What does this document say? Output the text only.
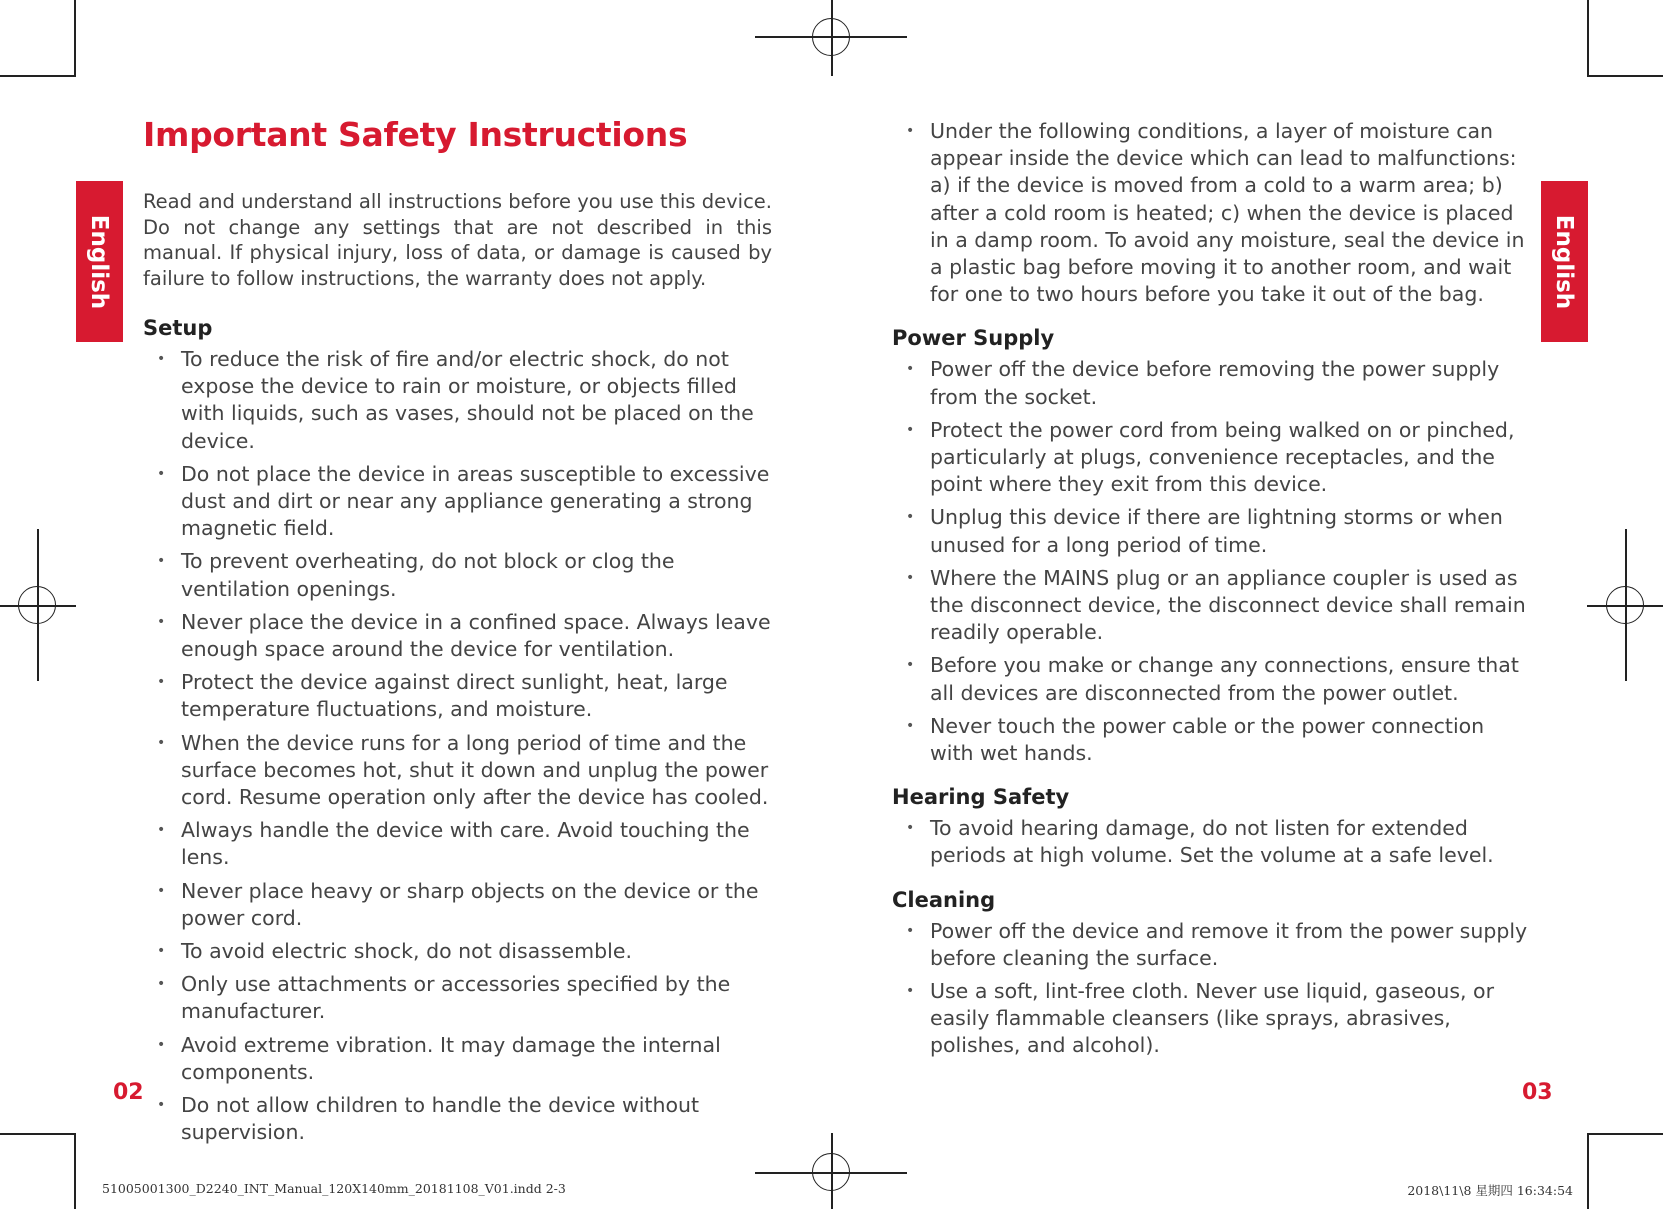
English	English
Important Safety Instructions

Read and understand all instructions before you use this device. Do not change any settings that are not described in this manual. If physical injury, loss of data, or damage is caused by failure to follow instructions, the warranty does not apply.

Setup
• To reduce the risk of fire and/or electric shock, do not expose the device to rain or moisture, or objects filled with liquids, such as vases, should not be placed on the device.
• Do not place the device in areas susceptible to excessive dust and dirt or near any appliance generating a strong magnetic field.
• To prevent overheating, do not block or clog the ventilation openings.
• Never place the device in a confined space. Always leave enough space around the device for ventilation.
• Protect the device against direct sunlight, heat, large temperature fluctuations, and moisture.
• When the device runs for a long period of time and the surface becomes hot, shut it down and unplug the power cord. Resume operation only after the device has cooled.
• Always handle the device with care. Avoid touching the lens.
• Never place heavy or sharp objects on the device or the power cord.
• To avoid electric shock, do not disassemble.
• Only use attachments or accessories specified by the manufacturer.
• Avoid extreme vibration. It may damage the internal components.
• Do not allow children to handle the device without supervision.

02

• Under the following conditions, a layer of moisture can appear inside the device which can lead to malfunctions: a) if the device is moved from a cold to a warm area; b) after a cold room is heated; c) when the device is placed in a damp room. To avoid any moisture, seal the device in a plastic bag before moving it to another room, and wait for one to two hours before you take it out of the bag.
Power Supply
• Power off the device before removing the power supply from the socket.
• Protect the power cord from being walked on or pinched, particularly at plugs, convenience receptacles, and the point where they exit from this device.
• Unplug this device if there are lightning storms or when unused for a long period of time.
• Where the MAINS plug or an appliance coupler is used as the disconnect device, the disconnect device shall remain readily operable.
• Before you make or change any connections, ensure that all devices are disconnected from the power outlet.
• Never touch the power cable or the power connection with wet hands.
Hearing Safety
• To avoid hearing damage, do not listen for extended periods at high volume. Set the volume at a safe level.
Cleaning
• Power off the device and remove it from the power supply before cleaning the surface.
• Use a soft, lint-free cloth. Never use liquid, gaseous, or easily flammable cleansers (like sprays, abrasives, polishes, and alcohol).

03

51005001300_D2240_INT_Manual_120X140mm_20181108_V01.indd 2-3	2018\11\8 星期四 16:34:54
